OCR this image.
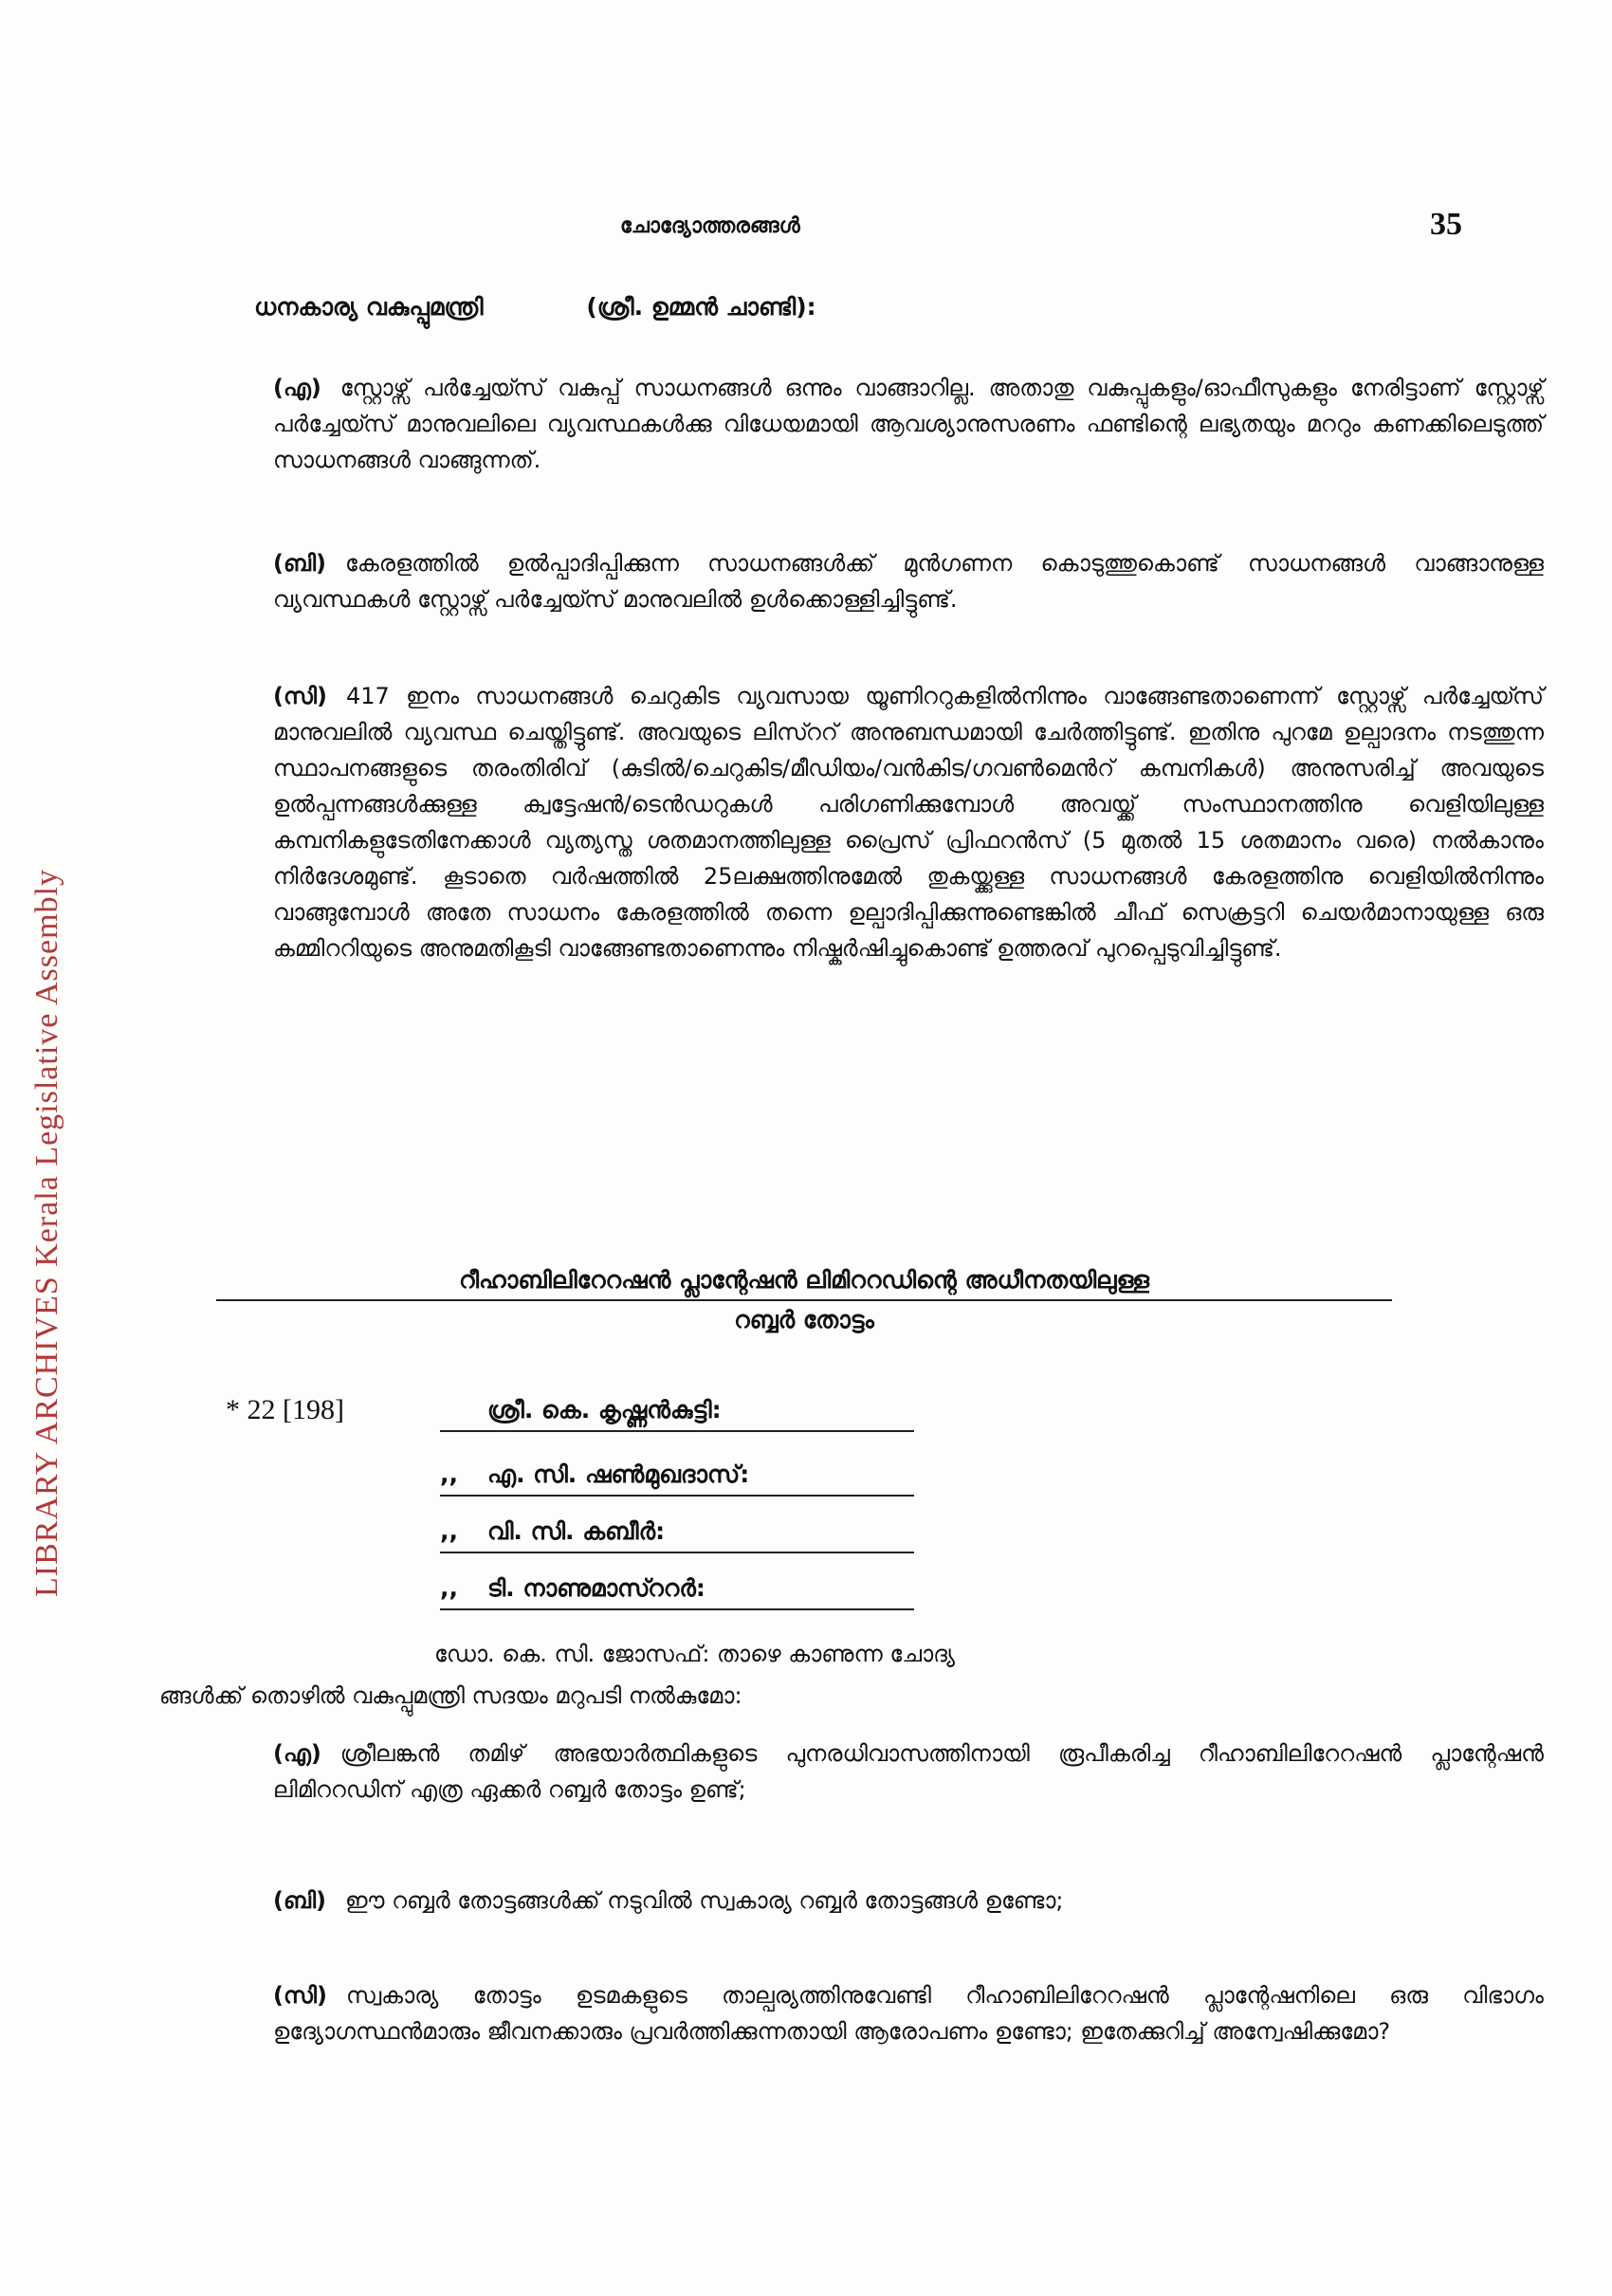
LIBRARY ARCHIVES Kerala Legislative Assembly
ചോദ്യോത്തരങ്ങൾ	35
ധനകാര്യ വകുപ്പുമന്ത്രി	(ശ്രീ. ഉമ്മൻ ചാണ്ടി):
(എ) സ്റ്റോഴ്സ് പർച്ചേയ്സ് വകുപ്പ് സാധനങ്ങൾ ഒന്നും വാങ്ങാറില്ല. അതാതു വകുപ്പുകളും/ഓഫീസുകളും നേരിട്ടാണ് സ്റ്റോഴ്സ് പർച്ചേയ്സ് മാനുവലിലെ വ്യവസ്ഥകൾക്കു വിധേയമായി ആവശ്യാനുസരണം ഫണ്ടിന്റെ ലഭ്യതയും മററും കണക്കിലെടുത്ത് സാധനങ്ങൾ വാങ്ങുന്നത്.
(ബി) കേരളത്തിൽ ഉൽപ്പാദിപ്പിക്കുന്ന സാധനങ്ങൾക്ക് മുൻഗണന കൊടുത്തുകൊണ്ട് സാധനങ്ങൾ വാങ്ങാനുള്ള വ്യവസ്ഥകൾ സ്റ്റോഴ്സ് പർച്ചേയ്സ് മാനുവലിൽ ഉൾക്കൊള്ളിച്ചിട്ടുണ്ട്.
(സി) 417 ഇനം സാധനങ്ങൾ ചെറുകിട വ്യവസായ യൂണിററുകളിൽനിന്നും വാങ്ങേണ്ടതാണെന്ന് സ്റ്റോഴ്സ് പർച്ചേയ്സ് മാനുവലിൽ വ്യവസ്ഥ ചെയ്തിട്ടുണ്ട്. അവയുടെ ലിസ്ററ് അനുബന്ധമായി ചേർത്തിട്ടുണ്ട്. ഇതിനു പുറമേ ഉല്പാദനം നടത്തുന്ന സ്ഥാപനങ്ങളുടെ തരംതിരിവ് (കുടിൽ/ചെറുകിട/മീഡിയം/വൻകിട/ഗവൺമെൻറ് കമ്പനികൾ) അനുസരിച്ച് അവയുടെ ഉൽപ്പന്നങ്ങൾക്കുള്ള ക്വട്ടേഷൻ/ടെൻഡറുകൾ പരിഗണിക്കുമ്പോൾ അവയ്ക്ക് സംസ്ഥാനത്തിനു വെളിയിലുള്ള കമ്പനികളുടേതിനേക്കാൾ വ്യത്യസ്ത ശതമാനത്തിലുള്ള പ്രൈസ് പ്രിഫറൻസ് (5 മുതൽ 15 ശതമാനം വരെ) നൽകാനും നിർദേശമുണ്ട്. കൂടാതെ വർഷത്തിൽ 25ലക്ഷത്തിനുമേൽ തുകയ്ക്കുള്ള സാധനങ്ങൾ കേരളത്തിനു വെളിയിൽനിന്നും വാങ്ങുമ്പോൾ അതേ സാധനം കേരളത്തിൽ തന്നെ ഉല്പാദിപ്പിക്കുന്നുണ്ടെങ്കിൽ ചീഫ് സെക്രട്ടറി ചെയർമാനായുള്ള ഒരു കമ്മിററിയുടെ അനുമതികൂടി വാങ്ങേണ്ടതാണെന്നും നിഷ്കർഷിച്ചുകൊണ്ട് ഉത്തരവ് പുറപ്പെടുവിച്ചിട്ടുണ്ട്.
റീഹാബിലിറേറഷൻ പ്ലാന്റേഷൻ ലിമിററഡിന്റെ അധീനതയിലുള്ള
റബ്ബർ തോട്ടം
* 22 [198]	ശ്രീ. കെ. കൃഷ്ണൻകുട്ടി:
,, എ. സി. ഷൺമുഖദാസ്:
,, വി. സി. കബീർ:
,, ടി. നാണുമാസ്ററർ:
ഡോ. കെ. സി. ജോസഫ്: താഴെ കാണുന്ന ചോദ്യ
ങ്ങൾക്ക് തൊഴിൽ വകുപ്പുമന്ത്രി സദയം മറുപടി നൽകുമോ:
(എ) ശ്രീലങ്കൻ തമിഴ് അഭയാർത്ഥികളുടെ പുനരധിവാസത്തിനായി രൂപീകരിച്ച റീഹാബിലിറേറഷൻ പ്ലാന്റേഷൻ ലിമിററഡിന് എത്ര ഏക്കർ റബ്ബർ തോട്ടം ഉണ്ട്;
(ബി) ഈ റബ്ബർ തോട്ടങ്ങൾക്ക് നടുവിൽ സ്വകാര്യ റബ്ബർ തോട്ടങ്ങൾ ഉണ്ടോ;
(സി) സ്വകാര്യ തോട്ടം ഉടമകളുടെ താല്പര്യത്തിനുവേണ്ടി റീഹാബിലിറേറഷൻ പ്ലാന്റേഷനിലെ ഒരു വിഭാഗം ഉദ്യോഗസ്ഥൻമാരും ജീവനക്കാരും പ്രവർത്തിക്കുന്നതായി ആരോപണം ഉണ്ടോ; ഇതേക്കുറിച്ച് അന്വേഷിക്കുമോ?
